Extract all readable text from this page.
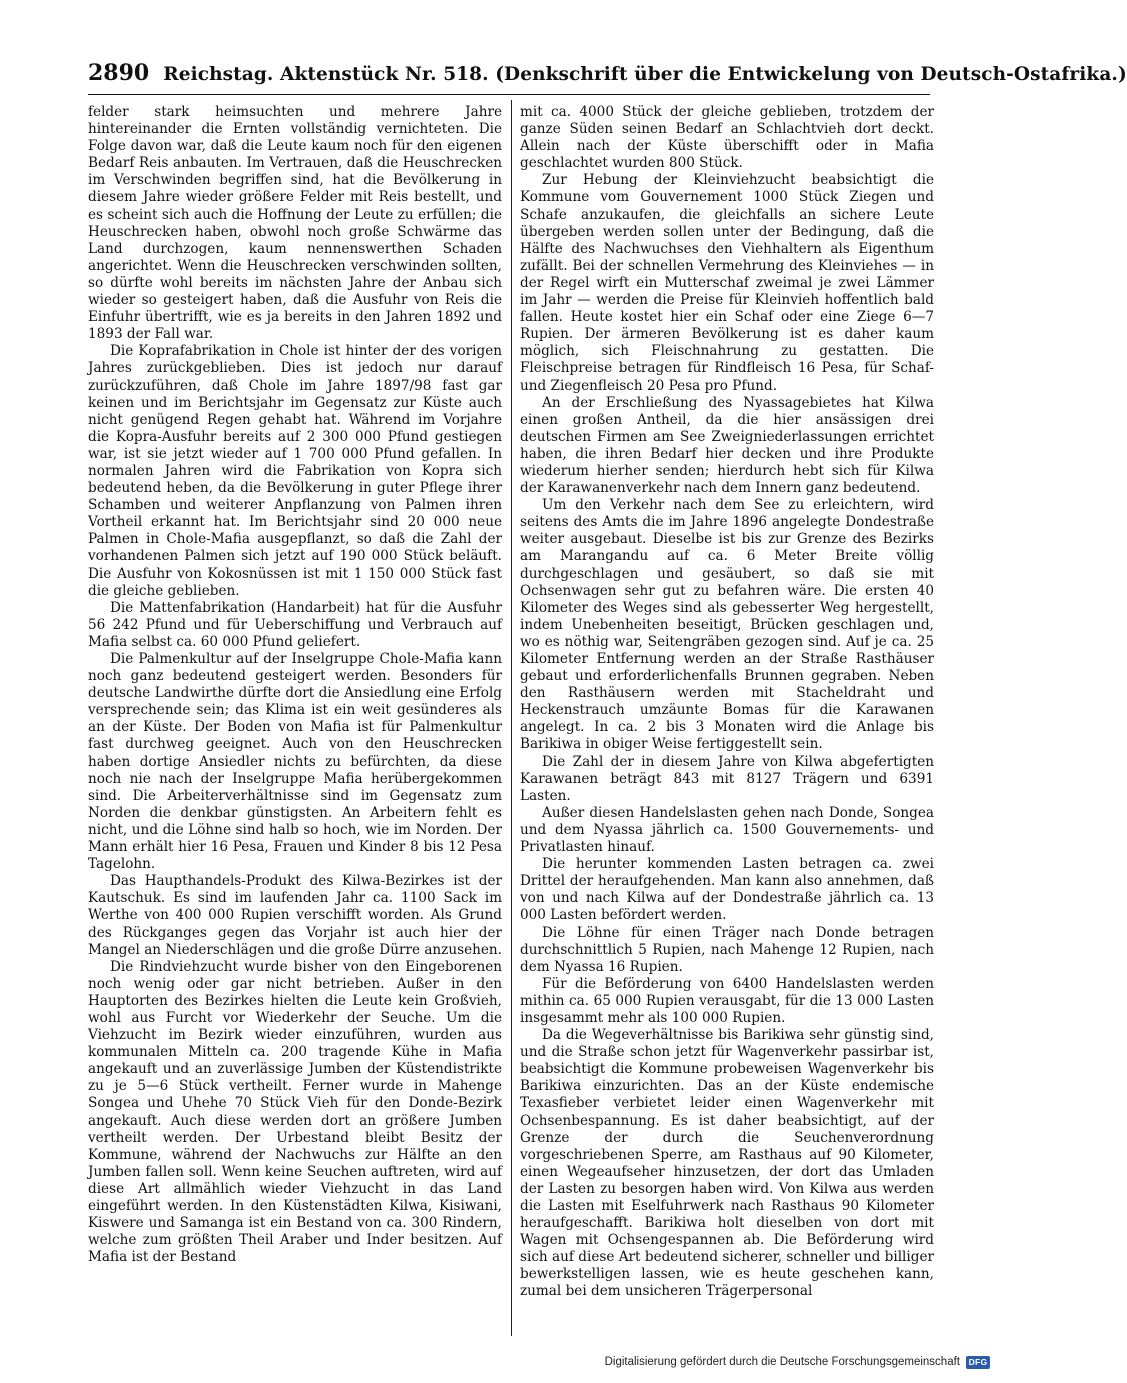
2890 Reichstag. Aktenstück Nr. 518. (Denkschrift über die Entwickelung von Deutsch-Ostafrika.)

felder stark heimsuchten und mehrere Jahre hintereinander die Ernten vollständig vernichteten. Die Folge davon war, daß die Leute kaum noch für den eigenen Bedarf Reis anbauten. Im Vertrauen, daß die Heuschrecken im Verschwinden begriffen sind, hat die Bevölkerung in diesem Jahre wieder größere Felder mit Reis bestellt, und es scheint sich auch die Hoffnung der Leute zu erfüllen; die Heuschrecken haben, obwohl noch große Schwärme das Land durchzogen, kaum nennenswerthen Schaden angerichtet. Wenn die Heuschrecken verschwinden sollten, so dürfte wohl bereits im nächsten Jahre der Anbau sich wieder so gesteigert haben, daß die Ausfuhr von Reis die Einfuhr übertrifft, wie es ja bereits in den Jahren 1892 und 1893 der Fall war.

Die Koprafabrikation in Chole ist hinter der des vorigen Jahres zurückgeblieben. Dies ist jedoch nur darauf zurückzuführen, daß Chole im Jahre 1897/98 fast gar keinen und im Berichtsjahr im Gegensatz zur Küste auch nicht genügend Regen gehabt hat. Während im Vorjahre die Kopra-Ausfuhr bereits auf 2 300 000 Pfund gestiegen war, ist sie jetzt wieder auf 1 700 000 Pfund gefallen. In normalen Jahren wird die Fabrikation von Kopra sich bedeutend heben, da die Bevölkerung in guter Pflege ihrer Schamben und weiterer Anpflanzung von Palmen ihren Vortheil erkannt hat. Im Berichtsjahr sind 20 000 neue Palmen in Chole-Mafia ausgepflanzt, so daß die Zahl der vorhandenen Palmen sich jetzt auf 190 000 Stück beläuft. Die Ausfuhr von Kokosnüssen ist mit 1 150 000 Stück fast die gleiche geblieben.

Die Mattenfabrikation (Handarbeit) hat für die Ausfuhr 56 242 Pfund und für Ueberschiffung und Verbrauch auf Mafia selbst ca. 60 000 Pfund geliefert.

Die Palmenkultur auf der Inselgruppe Chole-Mafia kann noch ganz bedeutend gesteigert werden. Besonders für deutsche Landwirthe dürfte dort die Ansiedlung eine Erfolg versprechende sein; das Klima ist ein weit gesünderes als an der Küste. Der Boden von Mafia ist für Palmenkultur fast durchweg geeignet. Auch von den Heuschrecken haben dortige Ansiedler nichts zu befürchten, da diese noch nie nach der Inselgruppe Mafia herübergekommen sind. Die Arbeiterverhältnisse sind im Gegensatz zum Norden die denkbar günstigsten. An Arbeitern fehlt es nicht, und die Löhne sind halb so hoch, wie im Norden. Der Mann erhält hier 16 Pesa, Frauen und Kinder 8 bis 12 Pesa Tagelohn.

Das Haupthandels-Produkt des Kilwa-Bezirkes ist der Kautschuk. Es sind im laufenden Jahr ca. 1100 Sack im Werthe von 400 000 Rupien verschifft worden. Als Grund des Rückganges gegen das Vorjahr ist auch hier der Mangel an Niederschlägen und die große Dürre anzusehen.

Die Rindviehzucht wurde bisher von den Eingeborenen noch wenig oder gar nicht betrieben. Außer in den Hauptorten des Bezirkes hielten die Leute kein Großvieh, wohl aus Furcht vor Wiederkehr der Seuche. Um die Viehzucht im Bezirk wieder einzuführen, wurden aus kommunalen Mitteln ca. 200 tragende Kühe in Mafia angekauft und an zuverlässige Jumben der Küstendistrikte zu je 5—6 Stück vertheilt. Ferner wurde in Mahenge Songea und Uhehe 70 Stück Vieh für den Donde-Bezirk angekauft. Auch diese werden dort an größere Jumben vertheilt werden. Der Urbestand bleibt Besitz der Kommune, während der Nachwuchs zur Hälfte an den Jumben fallen soll. Wenn keine Seuchen auftreten, wird auf diese Art allmählich wieder Viehzucht in das Land eingeführt werden. In den Küstenstädten Kilwa, Kisiwani, Kiswere und Samanga ist ein Bestand von ca. 300 Rindern, welche zum größten Theil Araber und Inder besitzen. Auf Mafia ist der Bestand

mit ca. 4000 Stück der gleiche geblieben, trotzdem der ganze Süden seinen Bedarf an Schlachtvieh dort deckt. Allein nach der Küste überschifft oder in Mafia geschlachtet wurden 800 Stück.

Zur Hebung der Kleinviehzucht beabsichtigt die Kommune vom Gouvernement 1000 Stück Ziegen und Schafe anzukaufen, die gleichfalls an sichere Leute übergeben werden sollen unter der Bedingung, daß die Hälfte des Nachwuchses den Viehhaltern als Eigenthum zufällt. Bei der schnellen Vermehrung des Kleinviehes — in der Regel wirft ein Mutterschaf zweimal je zwei Lämmer im Jahr — werden die Preise für Kleinvieh hoffentlich bald fallen. Heute kostet hier ein Schaf oder eine Ziege 6—7 Rupien. Der ärmeren Bevölkerung ist es daher kaum möglich, sich Fleischnahrung zu gestatten. Die Fleischpreise betragen für Rindfleisch 16 Pesa, für Schaf- und Ziegenfleisch 20 Pesa pro Pfund.

An der Erschließung des Nyassagebietes hat Kilwa einen großen Antheil, da die hier ansässigen drei deutschen Firmen am See Zweigniederlassungen errichtet haben, die ihren Bedarf hier decken und ihre Produkte wiederum hierher senden; hierdurch hebt sich für Kilwa der Karawanenverkehr nach dem Innern ganz bedeutend.

Um den Verkehr nach dem See zu erleichtern, wird seitens des Amts die im Jahre 1896 angelegte Dondestraße weiter ausgebaut. Dieselbe ist bis zur Grenze des Bezirks am Marangandu auf ca. 6 Meter Breite völlig durchgeschlagen und gesäubert, so daß sie mit Ochsenwagen sehr gut zu befahren wäre. Die ersten 40 Kilometer des Weges sind als gebesserter Weg hergestellt, indem Unebenheiten beseitigt, Brücken geschlagen und, wo es nöthig war, Seitengräben gezogen sind. Auf je ca. 25 Kilometer Entfernung werden an der Straße Rasthäuser gebaut und erforderlichenfalls Brunnen gegraben. Neben den Rasthäusern werden mit Stacheldraht und Heckenstrauch umzäunte Bomas für die Karawanen angelegt. In ca. 2 bis 3 Monaten wird die Anlage bis Barikiwa in obiger Weise fertiggestellt sein.

Die Zahl der in diesem Jahre von Kilwa abgefertigten Karawanen beträgt 843 mit 8127 Trägern und 6391 Lasten.

Außer diesen Handelslasten gehen nach Donde, Songea und dem Nyassa jährlich ca. 1500 Gouvernements- und Privatlasten hinauf.

Die herunter kommenden Lasten betragen ca. zwei Drittel der heraufgehenden. Man kann also annehmen, daß von und nach Kilwa auf der Dondestraße jährlich ca. 13 000 Lasten befördert werden.

Die Löhne für einen Träger nach Donde betragen durchschnittlich 5 Rupien, nach Mahenge 12 Rupien, nach dem Nyassa 16 Rupien.

Für die Beförderung von 6400 Handelslasten werden mithin ca. 65 000 Rupien verausgabt, für die 13 000 Lasten insgesammt mehr als 100 000 Rupien.

Da die Wegeverhältnisse bis Barikiwa sehr günstig sind, und die Straße schon jetzt für Wagenverkehr passirbar ist, beabsichtigt die Kommune probeweisen Wagenverkehr bis Barikiwa einzurichten. Das an der Küste endemische Texasfieber verbietet leider einen Wagenverkehr mit Ochsenbespannung. Es ist daher beabsichtigt, auf der Grenze der durch die Seuchenverordnung vorgeschriebenen Sperre, am Rasthaus auf 90 Kilometer, einen Wegeaufseher hinzusetzen, der dort das Umladen der Lasten zu besorgen haben wird. Von Kilwa aus werden die Lasten mit Eselfuhrwerk nach Rasthaus 90 Kilometer heraufgeschafft. Barikiwa holt dieselben von dort mit Wagen mit Ochsengespannen ab. Die Beförderung wird sich auf diese Art bedeutend sicherer, schneller und billiger bewerkstelligen lassen, wie es heute geschehen kann, zumal bei dem unsicheren Trägerpersonal

Digitalisierung gefördert durch die Deutsche Forschungsgemeinschaft	DFG
